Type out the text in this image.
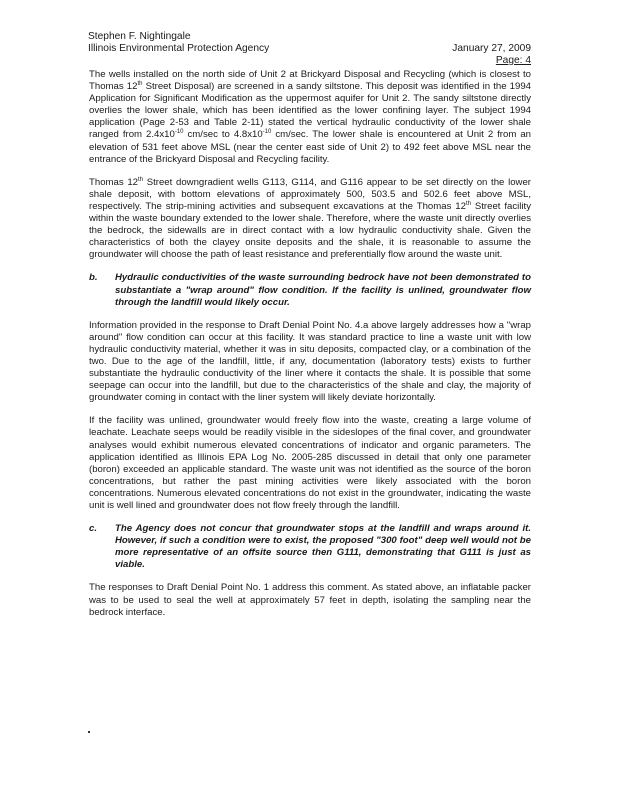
Stephen F. Nightingale
Illinois Environmental Protection Agency	January 27, 2009
Page: 4

The wells installed on the north side of Unit 2 at Brickyard Disposal and Recycling (which is closest to Thomas 12th Street Disposal) are screened in a sandy siltstone. This deposit was identified in the 1994 Application for Significant Modification as the uppermost aquifer for Unit 2. The sandy siltstone directly overlies the lower shale, which has been identified as the lower confining layer. The subject 1994 application (Page 2-53 and Table 2-11) stated the vertical hydraulic conductivity of the lower shale ranged from $2.4x10^{-10}$ cm/sec to $4.8x10^{-10}$ cm/sec. The lower shale is encountered at Unit 2 from an elevation of 531 feet above MSL (near the center east side of Unit 2) to 492 feet above MSL near the entrance of the Brickyard Disposal and Recycling facility.

Thomas 12th Street downgradient wells G113, G114, and G116 appear to be set directly on the lower shale deposit, with bottom elevations of approximately 500, 503.5 and 502.6 feet above MSL, respectively. The strip-mining activities and subsequent excavations at the Thomas 12th Street facility within the waste boundary extended to the lower shale. Therefore, where the waste unit directly overlies the bedrock, the sidewalls are in direct contact with a low hydraulic conductivity shale. Given the characteristics of both the clayey onsite deposits and the shale, it is reasonable to assume the groundwater will choose the path of least resistance and preferentially flow around the waste unit.

b.	Hydraulic conductivities of the waste surrounding bedrock have not been demonstrated to substantiate a "wrap around" flow condition. If the facility is unlined, groundwater flow through the landfill would likely occur.

Information provided in the response to Draft Denial Point No. 4.a above largely addresses how a "wrap around" flow condition can occur at this facility. It was standard practice to line a waste unit with low hydraulic conductivity material, whether it was in situ deposits, compacted clay, or a combination of the two. Due to the age of the landfill, little, if any, documentation (laboratory tests) exists to further substantiate the hydraulic conductivity of the liner where it contacts the shale. It is possible that some seepage can occur into the landfill, but due to the characteristics of the shale and clay, the majority of groundwater coming in contact with the liner system will likely deviate horizontally.

If the facility was unlined, groundwater would freely flow into the waste, creating a large volume of leachate. Leachate seeps would be readily visible in the sideslopes of the final cover, and groundwater analyses would exhibit numerous elevated concentrations of indicator and organic parameters. The application identified as Illinois EPA Log No. 2005-285 discussed in detail that only one parameter (boron) exceeded an applicable standard. The waste unit was not identified as the source of the boron concentrations, but rather the past mining activities were likely associated with the boron concentrations. Numerous elevated concentrations do not exist in the groundwater, indicating the waste unit is well lined and groundwater does not flow freely through the landfill.

c.	The Agency does not concur that groundwater stops at the landfill and wraps around it. However, if such a condition were to exist, the proposed "300 foot" deep well would not be more representative of an offsite source then G111, demonstrating that G111 is just as viable.

The responses to Draft Denial Point No. 1 address this comment. As stated above, an inflatable packer was to be used to seal the well at approximately 57 feet in depth, isolating the sampling near the bedrock interface.
